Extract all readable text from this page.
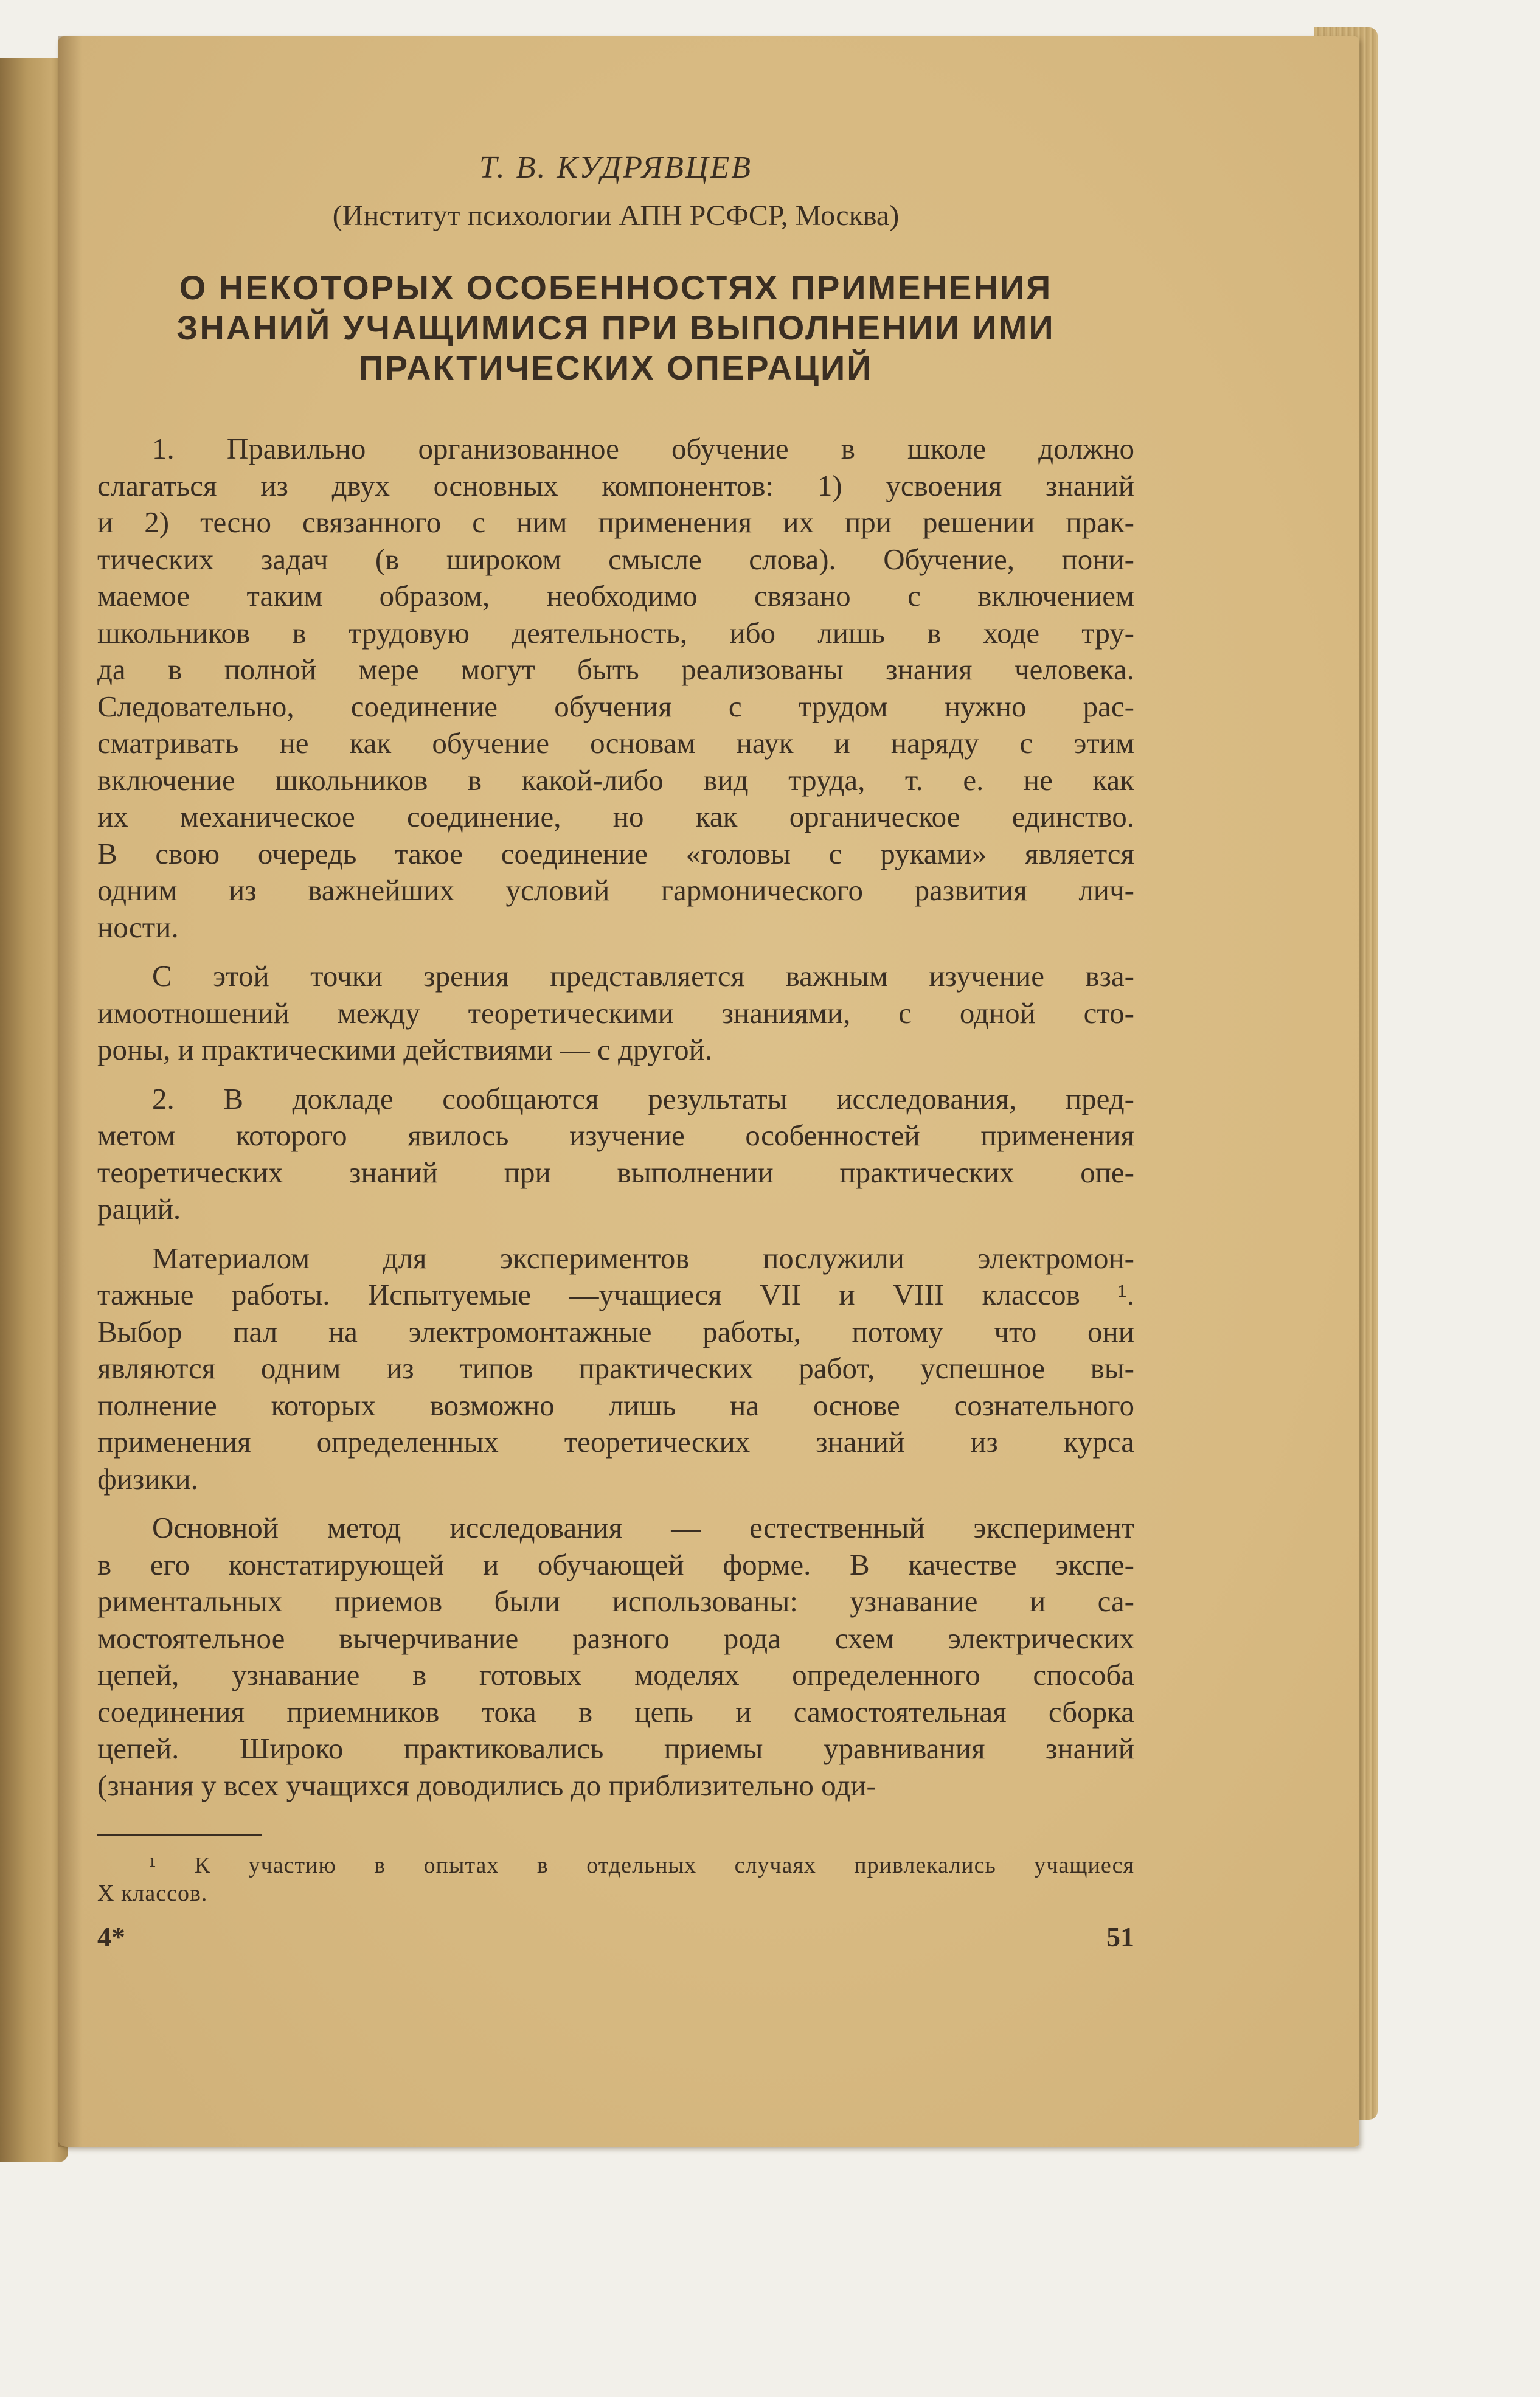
Т. В. КУДРЯВЦЕВ
(Институт психологии АПН РСФСР, Москва)
О НЕКОТОРЫХ ОСОБЕННОСТЯХ ПРИМЕНЕНИЯ
ЗНАНИЙ УЧАЩИМИСЯ ПРИ ВЫПОЛНЕНИИ ИМИ
ПРАКТИЧЕСКИХ ОПЕРАЦИЙ
1. Правильно организованное обучение в школе должно
слагаться из двух основных компонентов: 1) усвоения знаний
и 2) тесно связанного с ним применения их при решении прак-
тических задач (в широком смысле слова). Обучение, пони-
маемое таким образом, необходимо связано с включением
школьников в трудовую деятельность, ибо лишь в ходе тру-
да в полной мере могут быть реализованы знания человека.
Следовательно, соединение обучения с трудом нужно рас-
сматривать не как обучение основам наук и наряду с этим
включение школьников в какой-либо вид труда, т. е. не как
их механическое соединение, но как органическое единство.
В свою очередь такое соединение «головы с руками» является
одним из важнейших условий гармонического развития лич-
ности.
С этой точки зрения представляется важным изучение вза-
имоотношений между теоретическими знаниями, с одной сто-
роны, и практическими действиями — с другой.
2. В докладе сообщаются результаты исследования, пред-
метом которого явилось изучение особенностей применения
теоретических знаний при выполнении практических опе-
раций.
Материалом для экспериментов послужили электромон-
тажные работы. Испытуемые —учащиеся VII и VIII классов ¹.
Выбор пал на электромонтажные работы, потому что они
являются одним из типов практических работ, успешное вы-
полнение которых возможно лишь на основе сознательного
применения определенных теоретических знаний из курса
физики.
Основной метод исследования — естественный эксперимент
в его констатирующей и обучающей форме. В качестве экспе-
риментальных приемов были использованы: узнавание и са-
мостоятельное вычерчивание разного рода схем электрических
цепей, узнавание в готовых моделях определенного способа
соединения приемников тока в цепь и самостоятельная сборка
цепей. Широко практиковались приемы уравнивания знаний
(знания у всех учащихся доводились до приблизительно оди-
¹ К участию в опытах в отдельных случаях привлекались учащиеся
X классов.
4*	51
